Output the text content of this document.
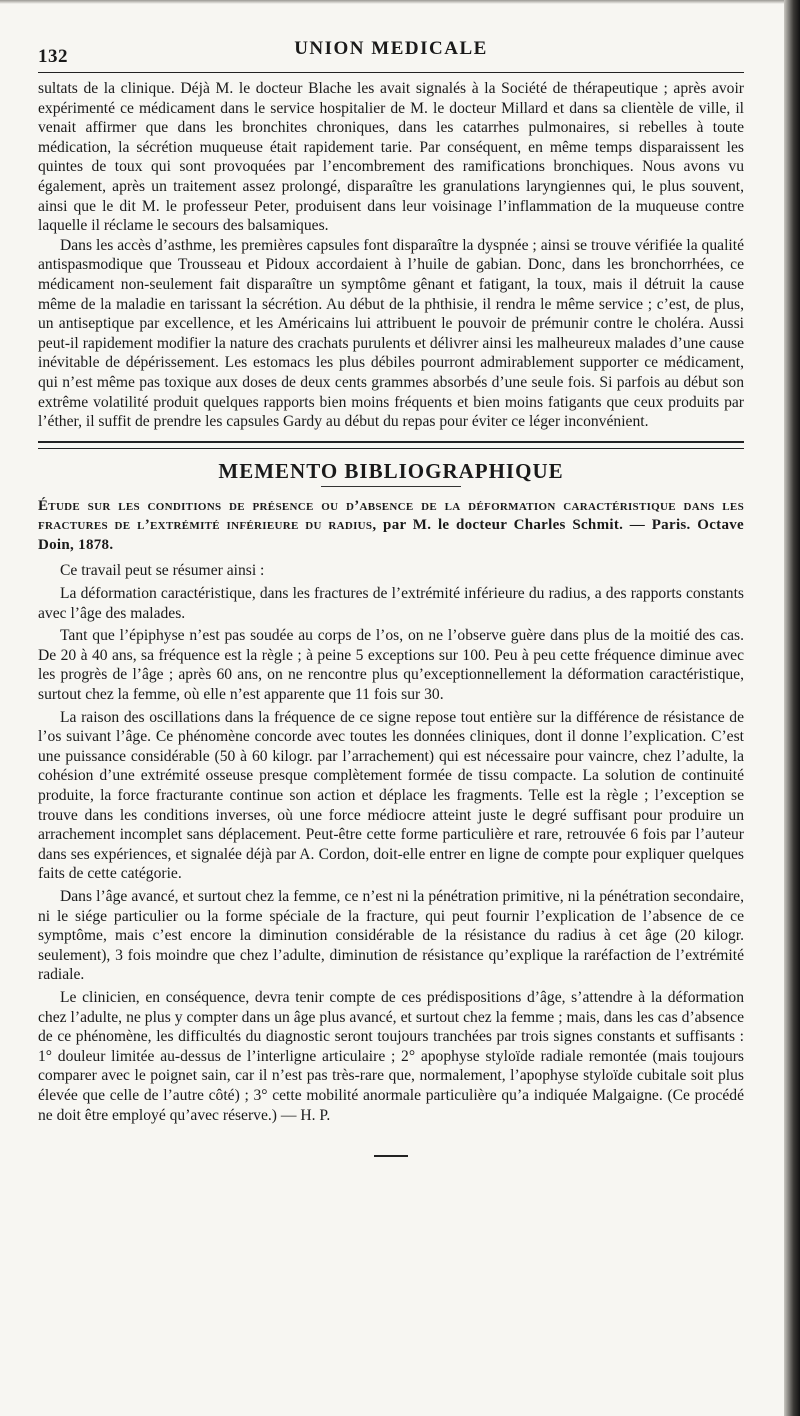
132	UNION MEDICALE

sultats de la clinique. Déjà M. le docteur Blache les avait signalés à la Société de thérapeutique ; après avoir expérimenté ce médicament dans le service hospitalier de M. le docteur Millard et dans sa clientèle de ville, il venait affirmer que dans les bronchites chroniques, dans les catarrhes pulmonaires, si rebelles à toute médication, la sécrétion muqueuse était rapidement tarie. Par conséquent, en même temps disparaissent les quintes de toux qui sont provoquées par l’encombrement des ramifications bronchiques. Nous avons vu également, après un traitement assez prolongé, disparaître les granulations laryngiennes qui, le plus souvent, ainsi que le dit M. le professeur Peter, produisent dans leur voisinage l’inflammation de la muqueuse contre laquelle il réclame le secours des balsamiques.

Dans les accès d’asthme, les premières capsules font disparaître la dyspnée ; ainsi se trouve vérifiée la qualité antispasmodique que Trousseau et Pidoux accordaient à l’huile de gabian. Donc, dans les bronchorrhées, ce médicament non-seulement fait disparaître un symptôme gênant et fatigant, la toux, mais il détruit la cause même de la maladie en tarissant la sécrétion. Au début de la phthisie, il rendra le même service ; c’est, de plus, un antiseptique par excellence, et les Américains lui attribuent le pouvoir de prémunir contre le choléra. Aussi peut-il rapidement modifier la nature des crachats purulents et délivrer ainsi les malheureux malades d’une cause inévitable de dépérissement. Les estomacs les plus débiles pourront admirablement supporter ce médicament, qui n’est même pas toxique aux doses de deux cents grammes absorbés d’une seule fois. Si parfois au début son extrême volatilité produit quelques rapports bien moins fréquents et bien moins fatigants que ceux produits par l’éther, il suffit de prendre les capsules Gardy au début du repas pour éviter ce léger inconvénient.

MEMENTO BIBLIOGRAPHIQUE

Étude sur les conditions de présence ou d’absence de la déformation caractéristique dans les fractures de l’extrémité inférieure du radius, par M. le docteur Charles Schmit. — Paris. Octave Doin, 1878.

Ce travail peut se résumer ainsi :

La déformation caractéristique, dans les fractures de l’extrémité inférieure du radius, a des rapports constants avec l’âge des malades.

Tant que l’épiphyse n’est pas soudée au corps de l’os, on ne l’observe guère dans plus de la moitié des cas. De 20 à 40 ans, sa fréquence est la règle ; à peine 5 exceptions sur 100. Peu à peu cette fréquence diminue avec les progrès de l’âge ; après 60 ans, on ne rencontre plus qu’exceptionnellement la déformation caractéristique, surtout chez la femme, où elle n’est apparente que 11 fois sur 30.

La raison des oscillations dans la fréquence de ce signe repose tout entière sur la différence de résistance de l’os suivant l’âge. Ce phénomène concorde avec toutes les données cliniques, dont il donne l’explication. C’est une puissance considérable (50 à 60 kilogr. par l’arrachement) qui est nécessaire pour vaincre, chez l’adulte, la cohésion d’une extrémité osseuse presque complètement formée de tissu compacte. La solution de continuité produite, la force fracturante continue son action et déplace les fragments. Telle est la règle ; l’exception se trouve dans les conditions inverses, où une force médiocre atteint juste le degré suffisant pour produire un arrachement incomplet sans déplacement. Peut-être cette forme particulière et rare, retrouvée 6 fois par l’auteur dans ses expériences, et signalée déjà par A. Cordon, doit-elle entrer en ligne de compte pour expliquer quelques faits de cette catégorie.

Dans l’âge avancé, et surtout chez la femme, ce n’est ni la pénétration primitive, ni la pénétration secondaire, ni le siége particulier ou la forme spéciale de la fracture, qui peut fournir l’explication de l’absence de ce symptôme, mais c’est encore la diminution considérable de la résistance du radius à cet âge (20 kilogr. seulement), 3 fois moindre que chez l’adulte, diminution de résistance qu’explique la raréfaction de l’extrémité radiale.

Le clinicien, en conséquence, devra tenir compte de ces prédispositions d’âge, s’attendre à la déformation chez l’adulte, ne plus y compter dans un âge plus avancé, et surtout chez la femme ; mais, dans les cas d’absence de ce phénomène, les difficultés du diagnostic seront toujours tranchées par trois signes constants et suffisants : 1° douleur limitée au-dessus de l’interligne articulaire ; 2° apophyse styloïde radiale remontée (mais toujours comparer avec le poignet sain, car il n’est pas très-rare que, normalement, l’apophyse styloïde cubitale soit plus élevée que celle de l’autre côté) ; 3° cette mobilité anormale particulière qu’a indiquée Malgaigne. (Ce procédé ne doit être employé qu’avec réserve.) — H. P.
